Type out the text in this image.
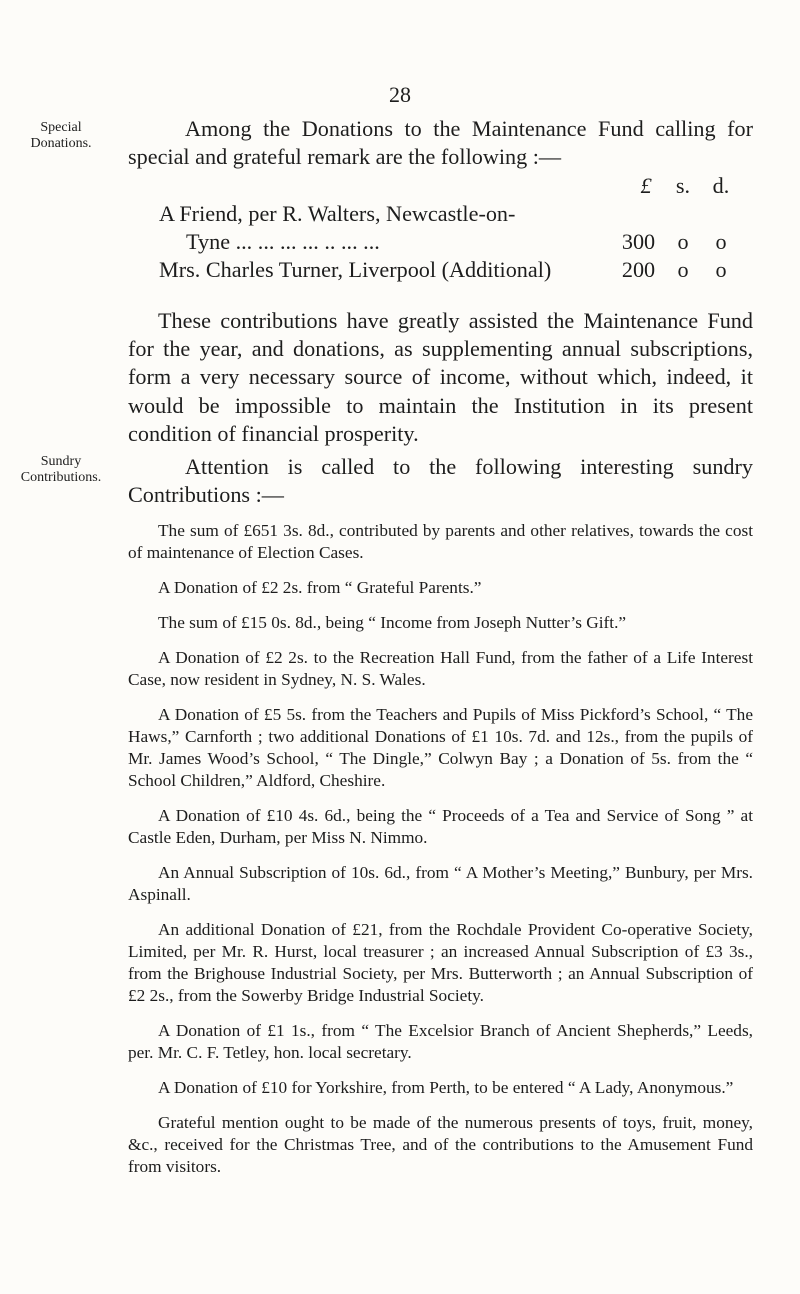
28
Special
Donations.
Sundry
Contributions.
Among the Donations to the Maintenance Fund calling for special and grateful remark are the following :—
£	s.	d.
A Friend, per R. Walters, Newcastle-on-
Tyne ... ... ... ... .. ... ...	300	o	o
Mrs. Charles Turner, Liverpool (Additional)	200	o	o
These contributions have greatly assisted the Maintenance Fund for the year, and donations, as supplementing annual subscriptions, form a very necessary source of income, without which, indeed, it would be impossible to maintain the Institution in its present condition of financial prosperity.
Attention is called to the following interesting sundry Contributions :—

The sum of £651 3s. 8d., contributed by parents and other relatives, towards the cost of maintenance of Election Cases.

A Donation of £2 2s. from “ Grateful Parents.”

The sum of £15 0s. 8d., being “ Income from Joseph Nutter’s Gift.”

A Donation of £2 2s. to the Recreation Hall Fund, from the father of a Life Interest Case, now resident in Sydney, N. S. Wales.

A Donation of £5 5s. from the Teachers and Pupils of Miss Pickford’s School, “ The Haws,” Carnforth ; two additional Donations of £1 10s. 7d. and 12s., from the pupils of Mr. James Wood’s School, “ The Dingle,” Colwyn Bay ; a Donation of 5s. from the “ School Children,” Aldford, Cheshire.

A Donation of £10 4s. 6d., being the “ Proceeds of a Tea and Service of Song ” at Castle Eden, Durham, per Miss N. Nimmo.

An Annual Subscription of 10s. 6d., from “ A Mother’s Meeting,” Bunbury, per Mrs. Aspinall.

An additional Donation of £21, from the Rochdale Provident Co-operative Society, Limited, per Mr. R. Hurst, local treasurer ; an increased Annual Subscription of £3 3s., from the Brighouse Industrial Society, per Mrs. Butterworth ; an Annual Subscription of £2 2s., from the Sowerby Bridge Industrial Society.

A Donation of £1 1s., from “ The Excelsior Branch of Ancient Shepherds,” Leeds, per. Mr. C. F. Tetley, hon. local secretary.

A Donation of £10 for Yorkshire, from Perth, to be entered “ A Lady, Anonymous.”

Grateful mention ought to be made of the numerous presents of toys, fruit, money, &c., received for the Christmas Tree, and of the contributions to the Amusement Fund from visitors.
